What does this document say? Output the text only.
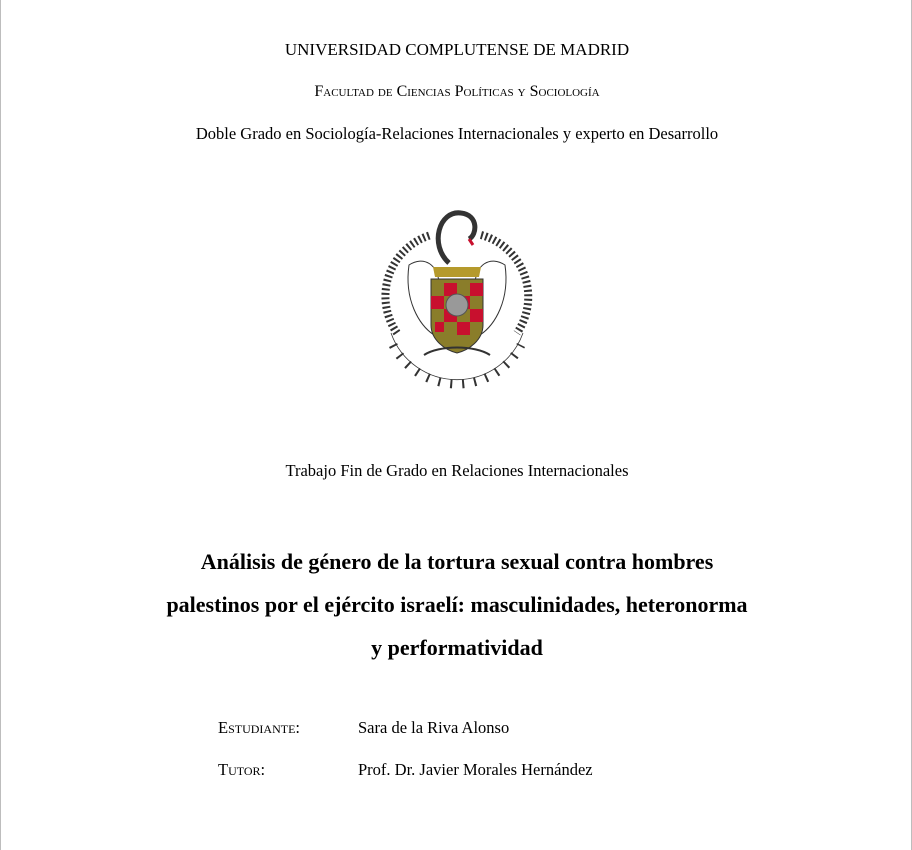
UNIVERSIDAD COMPLUTENSE DE MADRID
Facultad de Ciencias Políticas y Sociología
Doble Grado en Sociología-Relaciones Internacionales y experto en Desarrollo
Trabajo Fin de Grado en Relaciones Internacionales
Análisis de género de la tortura sexual contra hombres
palestinos por el ejército israelí: masculinidades, heteronorma
y performatividad
Estudiante:	Sara de la Riva Alonso
Tutor:	Prof. Dr. Javier Morales Hernández
